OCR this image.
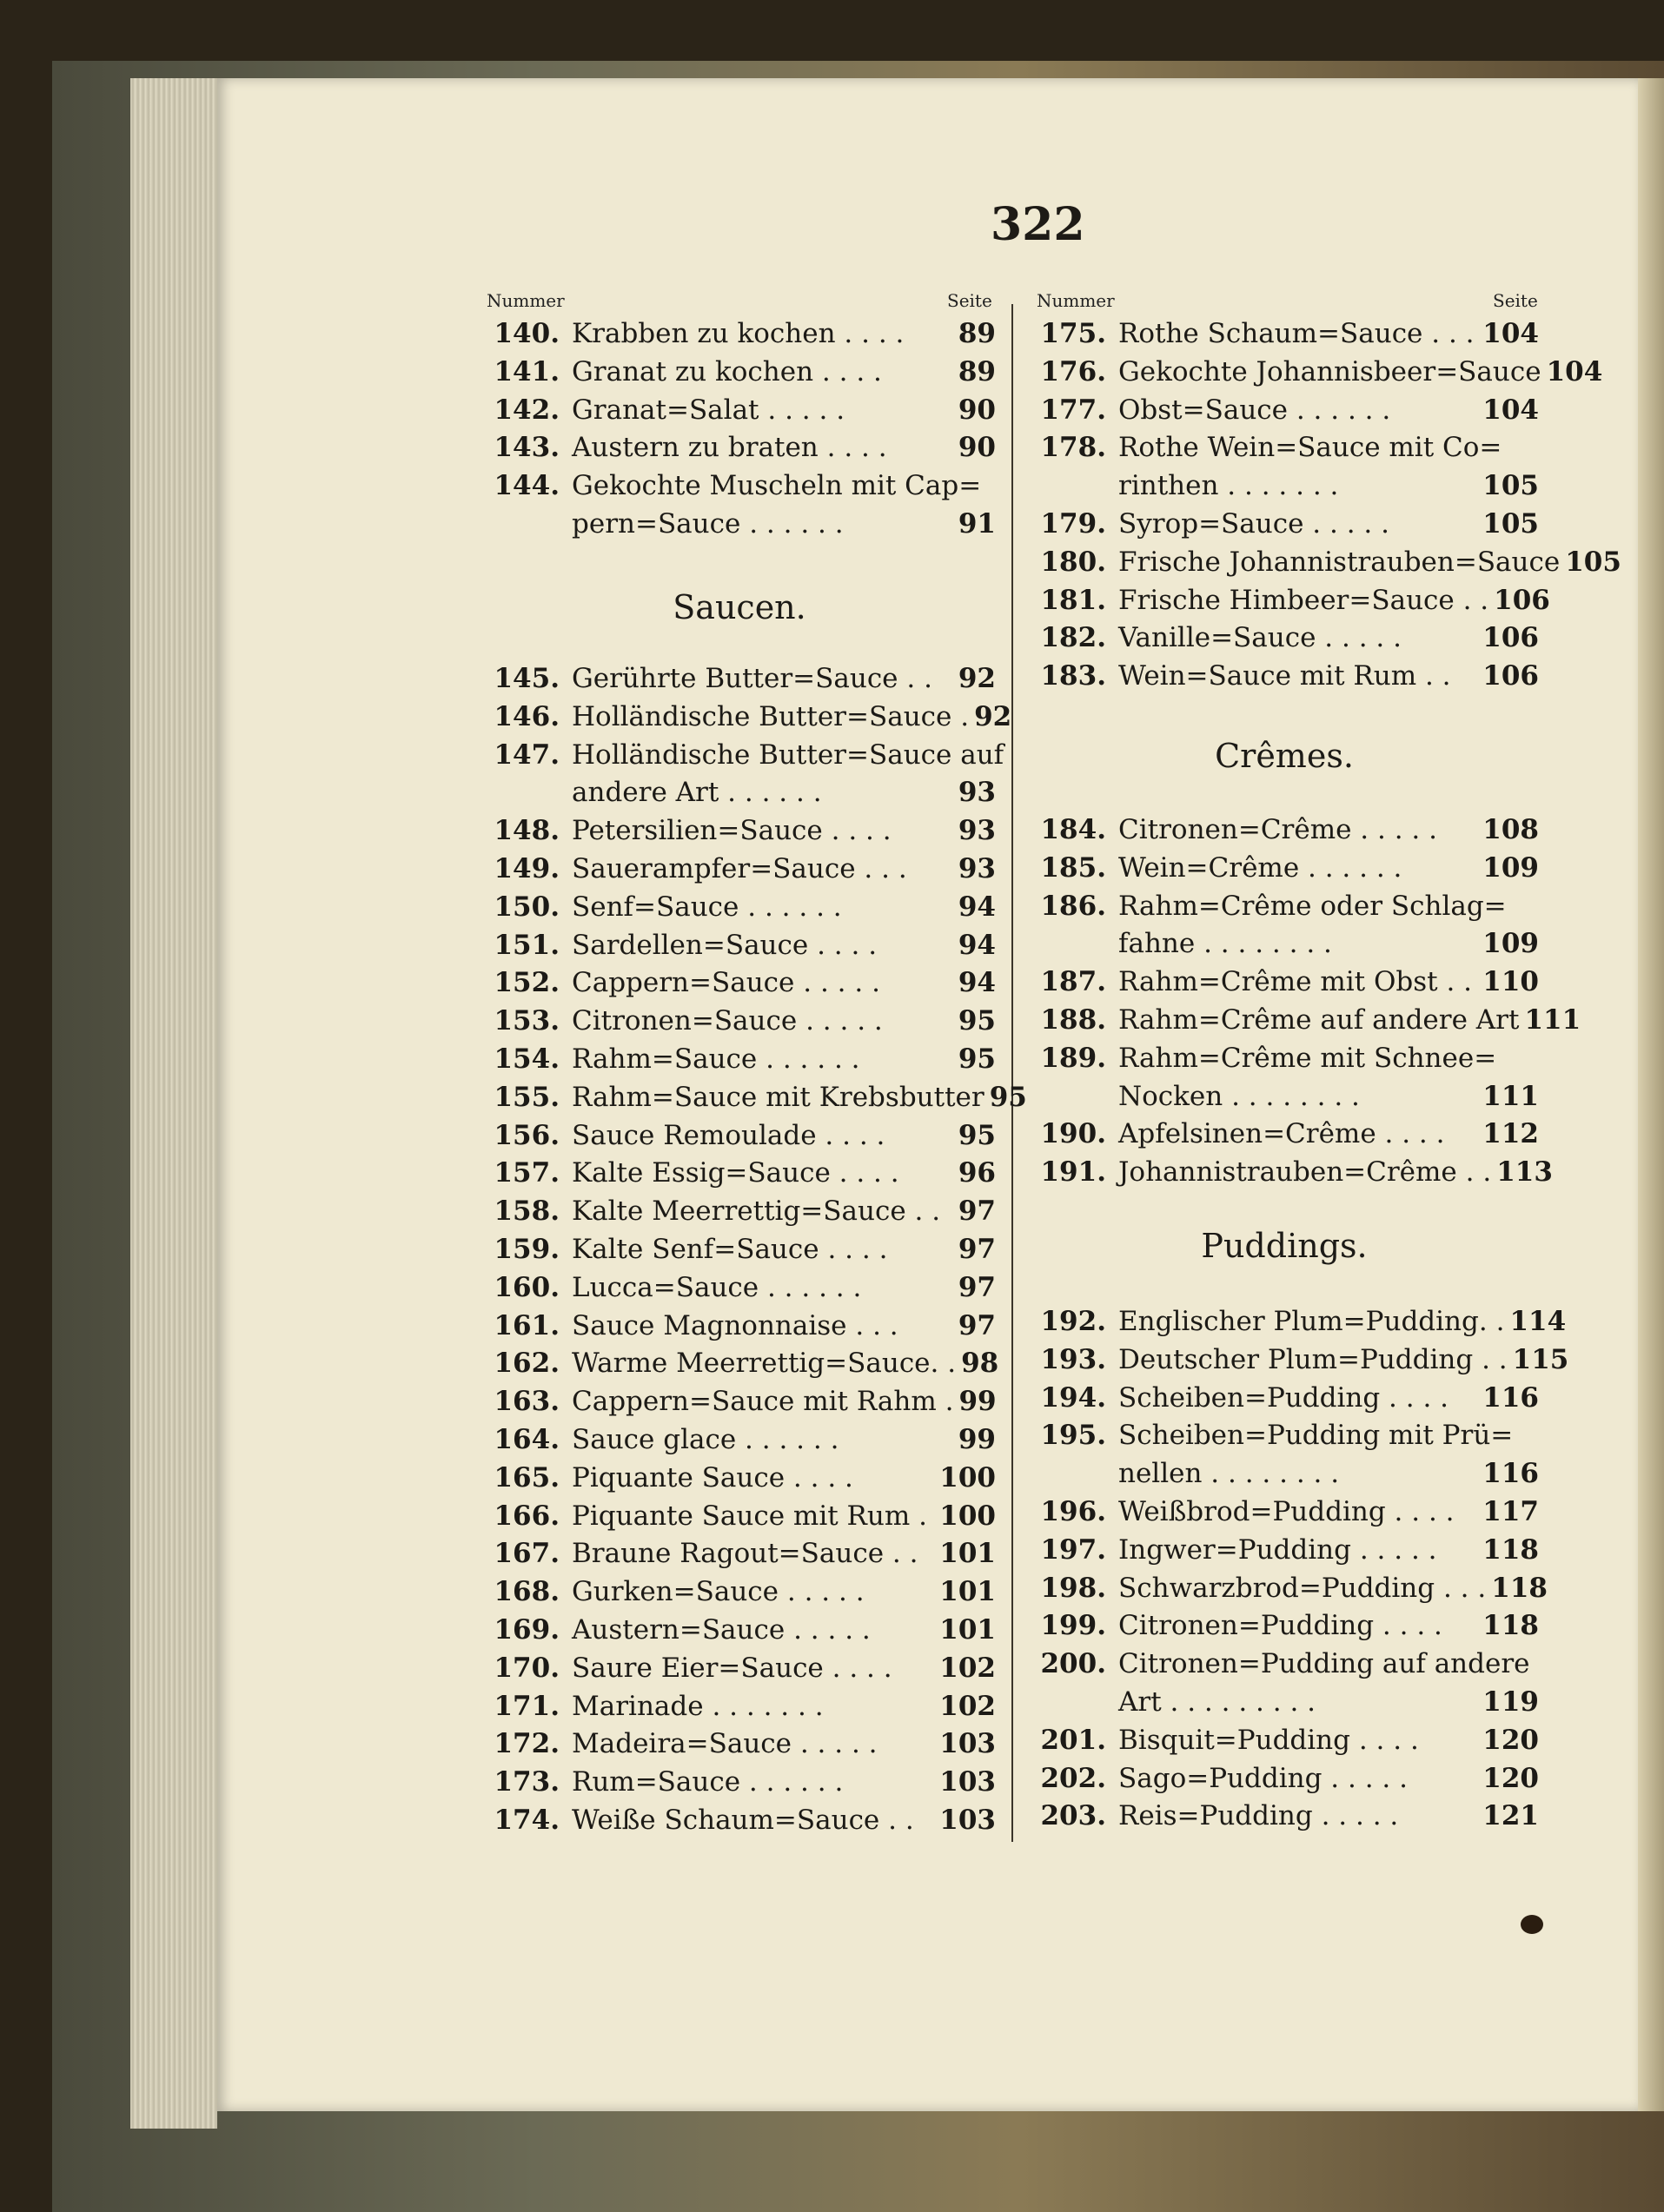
322
Nummer	Seite	Nummer	Seite
140. Krabben zu kochen . . . .	89
141. Granat zu kochen . . . .	89
142. Granat=Salat . . . . .	90
143. Austern zu braten . . . .	90
144. Gekochte Muscheln mit Cap=
pern=Sauce . . . . . .	91
Saucen.
145. Gerührte Butter=Sauce . . 92
146. Holländische Butter=Sauce . 92
147. Holländische Butter=Sauce auf
andere Art . . . . . .	93
148. Petersilien=Sauce . . . .	93
149. Sauerampfer=Sauce . . .	93
150. Senf=Sauce . . . . . .	94
151. Sardellen=Sauce . . . .	94
152. Cappern=Sauce . . . . .	94
153. Citronen=Sauce . . . . .	95
154. Rahm=Sauce . . . . . .	95
155. Rahm=Sauce mit Krebsbutter 95
156. Sauce Remoulade . . . .	95
157. Kalte Essig=Sauce . . . .	96
158. Kalte Meerrettig=Sauce . . 97
159. Kalte Senf=Sauce . . . .	97
160. Lucca=Sauce . . . . . .	97
161. Sauce Magnonnaise . . .	97
162. Warme Meerrettig=Sauce. . 98
163. Cappern=Sauce mit Rahm . 99
164. Sauce glace . . . . . .	99
165. Piquante Sauce . . . .	100
166. Piquante Sauce mit Rum . 100
167. Braune Ragout=Sauce . . 101
168. Gurken=Sauce . . . . .	101
169. Austern=Sauce . . . . .	101
170. Saure Eier=Sauce . . . .	102
171. Marinade . . . . . . .	102
172. Madeira=Sauce . . . . .	103
173. Rum=Sauce . . . . . .	103
174. Weiße Schaum=Sauce . . 103
175. Rothe Schaum=Sauce . . . 104
176. Gekochte Johannisbeer=Sauce 104
177. Obst=Sauce . . . . . .	104
178. Rothe Wein=Sauce mit Co=
rinthen . . . . . . .	105
179. Syrop=Sauce . . . . .	105
180. Frische Johannistrauben=Sauce 105
181. Frische Himbeer=Sauce . . 106
182. Vanille=Sauce . . . . .	106
183. Wein=Sauce mit Rum . .	106
Crêmes.
184. Citronen=Crême . . . . .	108
185. Wein=Crême . . . . . .	109
186. Rahm=Crême oder Schlag=
fahne . . . . . . . .	109
187. Rahm=Crême mit Obst . . 110
188. Rahm=Crême auf andere Art 111
189. Rahm=Crême mit Schnee=
Nocken . . . . . . . .	111
190. Apfelsinen=Crême . . . .	112
191. Johannistrauben=Crême . . 113
Puddings.
192. Englischer Plum=Pudding. . 114
193. Deutscher Plum=Pudding . . 115
194. Scheiben=Pudding . . . .	116
195. Scheiben=Pudding mit Prü=
nellen . . . . . . . .	116
196. Weißbrod=Pudding . . . .	117
197. Ingwer=Pudding . . . . .	118
198. Schwarzbrod=Pudding . . . 118
199. Citronen=Pudding . . . .	118
200. Citronen=Pudding auf andere
Art . . . . . . . . .	119
201. Bisquit=Pudding . . . .	120
202. Sago=Pudding . . . . .	120
203. Reis=Pudding . . . . .	121
